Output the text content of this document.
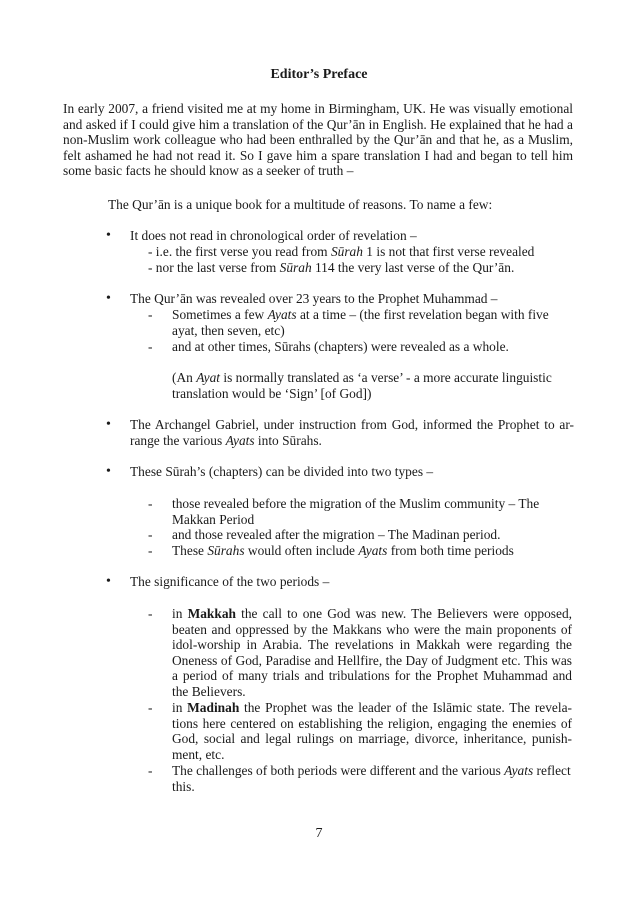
Editor’s Preface

In early 2007, a friend visited me at my home in Birmingham, UK. He was visually emotional and asked if I could give him a translation of the Qur’ān in English. He explained that he had a non-Muslim work colleague who had been enthralled by the Qur’ān and that he, as a Muslim, felt ashamed he had not read it. So I gave him a spare translation I had and began to tell him some basic facts he should know as a seeker of truth –

The Qur’ān is a unique book for a multitude of reasons. To name a few:

•	It does not read in chronological order of revelation –
- i.e. the first verse you read from Sūrah 1 is not that first verse revealed
- nor the last verse from Sūrah 114 the very last verse of the Qur’ān.
•	The Qur’ān was revealed over 23 years to the Prophet Muhammad –
- Sometimes a few Ayats at a time – (the first revelation began with five ayat, then seven, etc)
- and at other times, Sūrahs (chapters) were revealed as a whole.
(An Ayat is normally translated as ‘a verse’ - a more accurate linguistic translation would be ‘Sign’ [of God])
•	The Archangel Gabriel, under instruction from God, informed the Prophet to ar-range the various Ayats into Sūrahs.
•	These Sūrah’s (chapters) can be divided into two types –
- those revealed before the migration of the Muslim community – The Makkan Period
- and those revealed after the migration – The Madinan period.
- These Sūrahs would often include Ayats from both time periods
•	The significance of the two periods –
- in Makkah the call to one God was new. The Believers were opposed, beaten and oppressed by the Makkans who were the main proponents of idol-worship in Arabia. The revelations in Makkah were regarding the Oneness of God, Paradise and Hellfire, the Day of Judgment etc. This was a period of many trials and tribulations for the Prophet Muhammad and the Believers.
- in Madinah the Prophet was the leader of the Islāmic state. The revela-tions here centered on establishing the religion, engaging the enemies of God, social and legal rulings on marriage, divorce, inheritance, punish-ment, etc.
- The challenges of both periods were different and the various Ayats reflect this.
7
